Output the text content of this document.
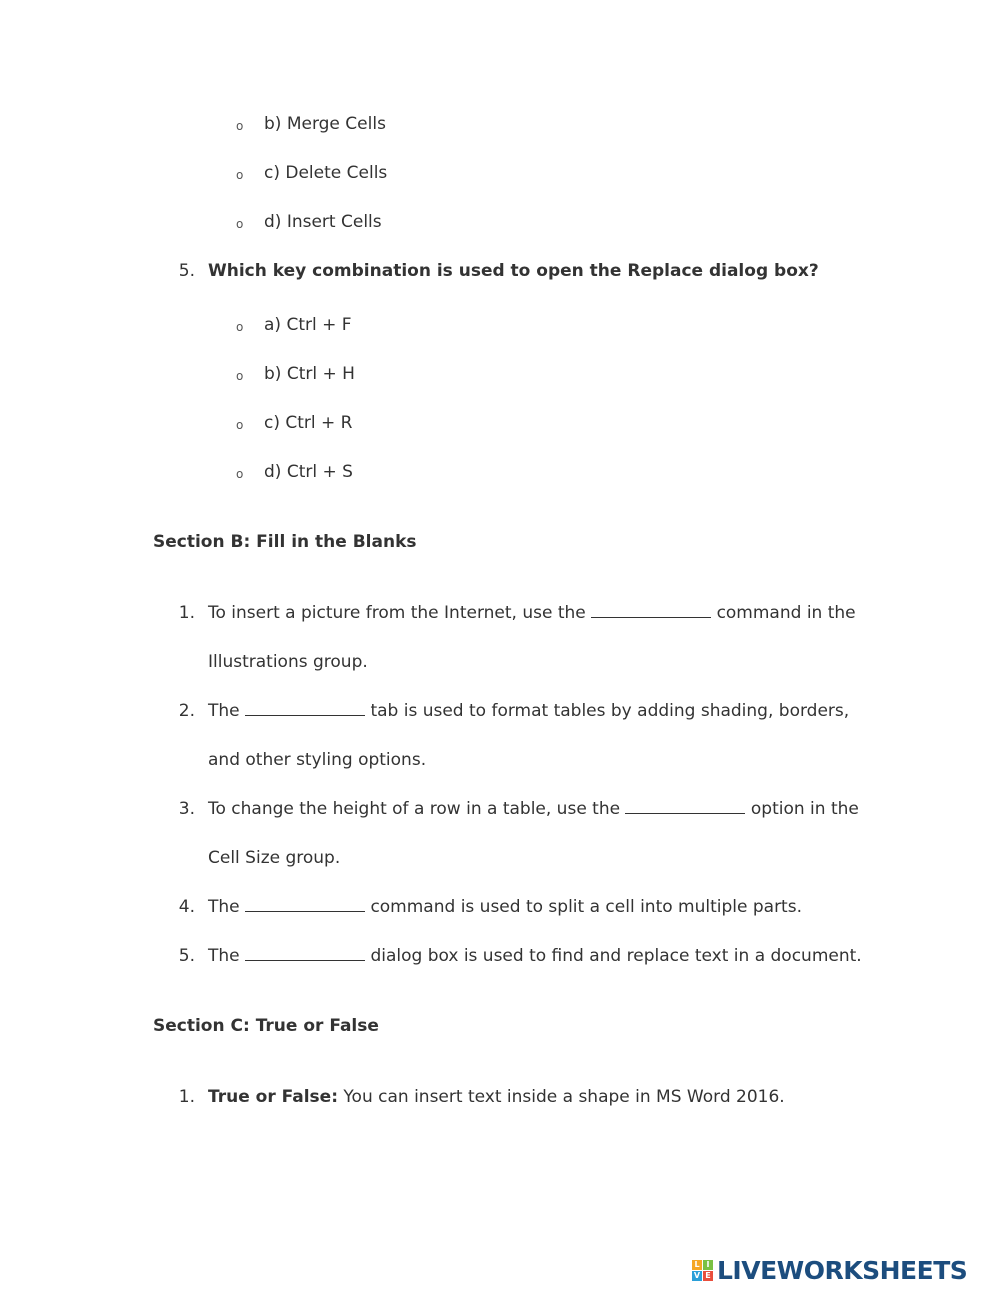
o b) Merge Cells
o c) Delete Cells
o d) Insert Cells
5. Which key combination is used to open the Replace dialog box?
o a) Ctrl + F
o b) Ctrl + H
o c) Ctrl + R
o d) Ctrl + S
Section B: Fill in the Blanks
1. To insert a picture from the Internet, use the	command in the
Illustrations group.
2. The	tab is used to format tables by adding shading, borders,
and other styling options.
3. To change the height of a row in a table, use the	option in the
Cell Size group.
4. The	command is used to split a cell into multiple parts.
5. The	dialog box is used to find and replace text in a document.
Section C: True or False
1. True or False: You can insert text inside a shape in MS Word 2016.
L I
V E LIVEWORKSHEETS
